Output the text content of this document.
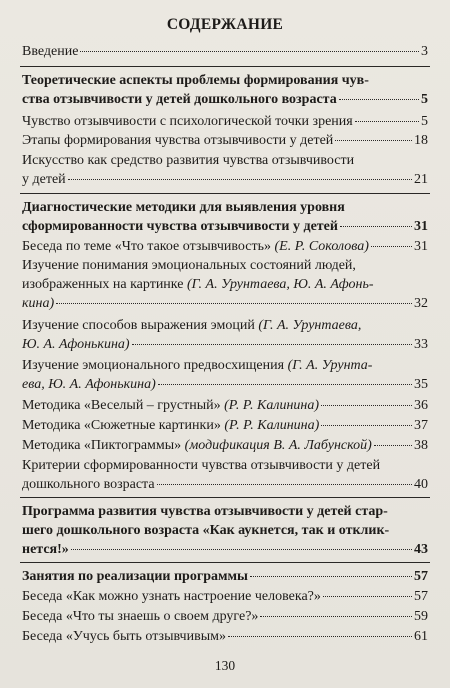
СОДЕРЖАНИЕ
Введение	3
Теоретические аспекты проблемы формирования чув-
ства отзывчивости у детей дошкольного возраста	5
Чувство отзывчивости с психологической точки зрения	5
Этапы формирования чувства отзывчивости у детей	18
Искусство как средство развития чувства отзывчивости
у детей	21
Диагностические методики для выявления уровня
сформированности чувства отзывчивости у детей	31
Беседа по теме «Что такое отзывчивость»
(Е. Р. Соколова)	31
Изучение понимания эмоциональных состояний людей,
изображенных на картинке (Г. А. Урунтаева, Ю. А. Афонь-
кина)	32
Изучение способов выражения эмоций (Г. А. Урунтаева,
Ю. А. Афонькина)	33
Изучение эмоционального предвосхищения (Г. А. Урунта-
ева, Ю. А. Афонькина)	35
Методика «Веселый – грустный»
(Р. Р. Калинина)	36
Методика «Сюжетные картинки»
(Р. Р. Калинина)	37
Методика «Пиктограммы»
(модификация В. А. Лабунской)	38
Критерии сформированности чувства отзывчивости у детей
дошкольного возраста	40
Программа развития чувства отзывчивости у детей стар-
шего дошкольного возраста «Как аукнется, так и отклик-
нется!»	43
Занятия по реализации программы	57
Беседа «Как можно узнать настроение человека?»	57
Беседа «Что ты знаешь о своем друге?»	59
Беседа «Учусь быть отзывчивым»	61
130
